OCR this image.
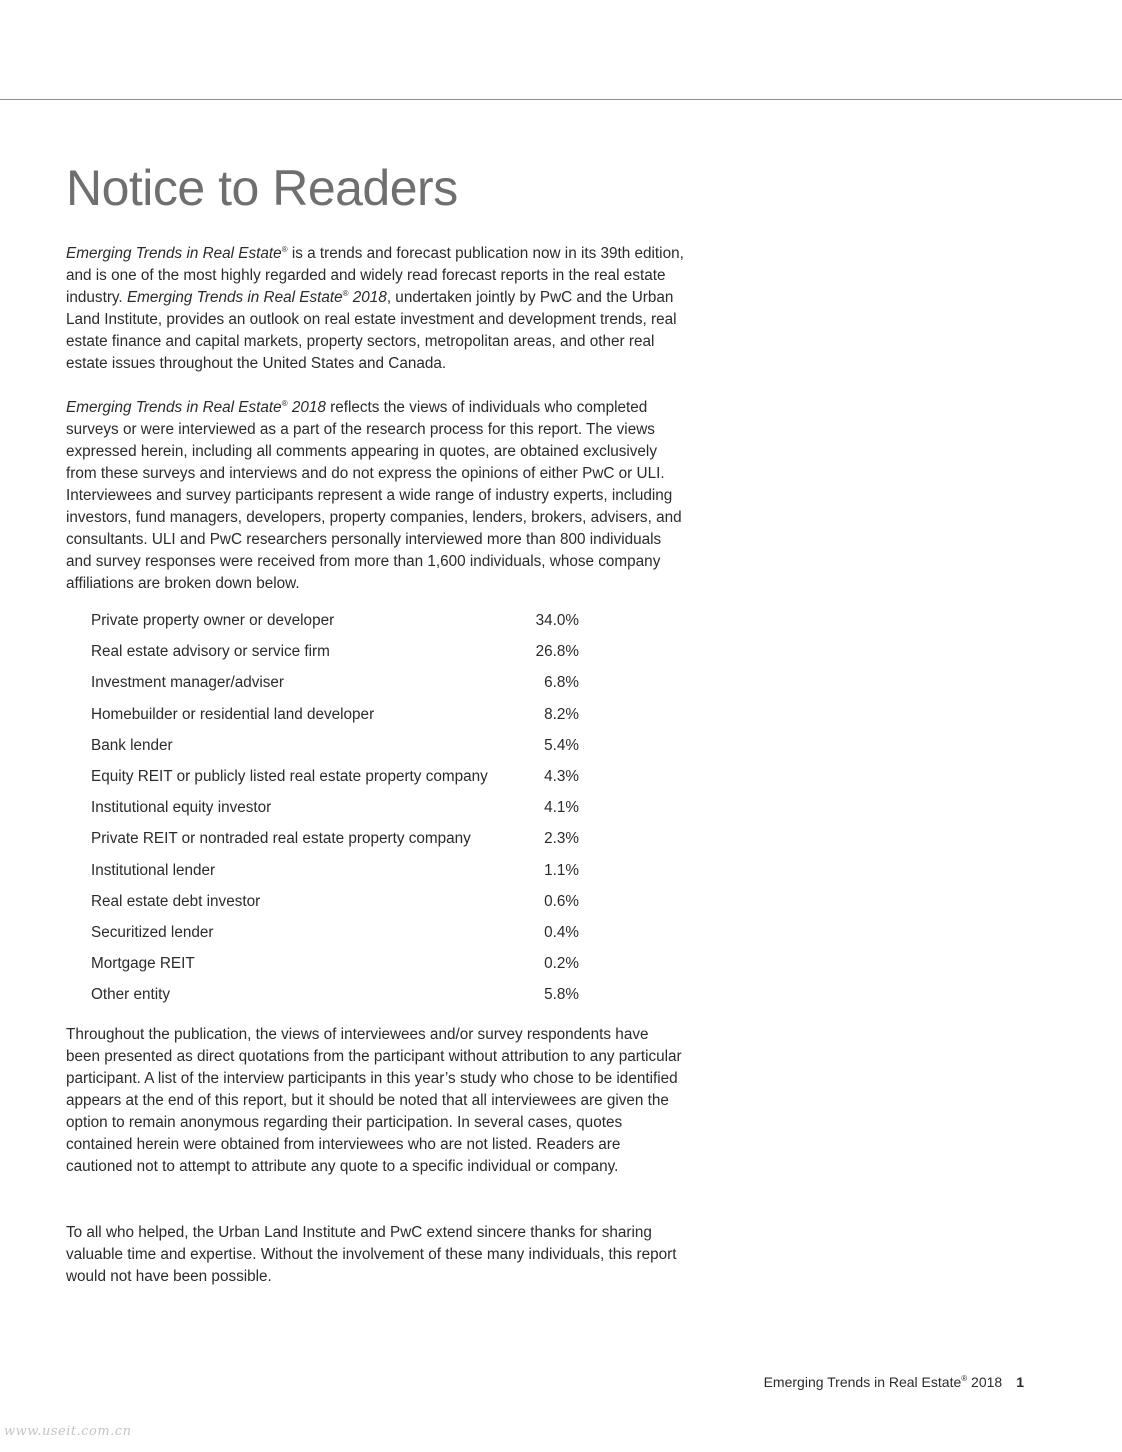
Notice to Readers

Emerging Trends in Real Estate® is a trends and forecast publication now in its 39th edition, and is one of the most highly regarded and widely read forecast reports in the real estate industry. Emerging Trends in Real Estate® 2018, undertaken jointly by PwC and the Urban Land Institute, provides an outlook on real estate investment and development trends, real estate finance and capital markets, property sectors, metropolitan areas, and other real estate issues throughout the United States and Canada.

Emerging Trends in Real Estate® 2018 reflects the views of individuals who completed surveys or were interviewed as a part of the research process for this report. The views expressed herein, including all comments appearing in quotes, are obtained exclusively from these surveys and interviews and do not express the opinions of either PwC or ULI. Interviewees and survey participants represent a wide range of industry experts, including investors, fund managers, developers, property companies, lenders, brokers, advisers, and consultants. ULI and PwC researchers personally interviewed more than 800 individuals and survey responses were received from more than 1,600 individuals, whose company affiliations are broken down below.

Private property owner or developer	34.0%
Real estate advisory or service firm	26.8%
Investment manager/adviser	6.8%
Homebuilder or residential land developer	8.2%
Bank lender	5.4%
Equity REIT or publicly listed real estate property company	4.3%
Institutional equity investor	4.1%
Private REIT or nontraded real estate property company	2.3%
Institutional lender	1.1%
Real estate debt investor	0.6%
Securitized lender	0.4%
Mortgage REIT	0.2%
Other entity	5.8%

Throughout the publication, the views of interviewees and/or survey respondents have been presented as direct quotations from the participant without attribution to any particular participant. A list of the interview participants in this year’s study who chose to be identified appears at the end of this report, but it should be noted that all interviewees are given the option to remain anonymous regarding their participation. In several cases, quotes contained herein were obtained from interviewees who are not listed. Readers are cautioned not to attempt to attribute any quote to a specific individual or company.

To all who helped, the Urban Land Institute and PwC extend sincere thanks for sharing valuable time and expertise. Without the involvement of these many individuals, this report would not have been possible.

Emerging Trends in Real Estate® 2018 1
www.useit.com.cn
